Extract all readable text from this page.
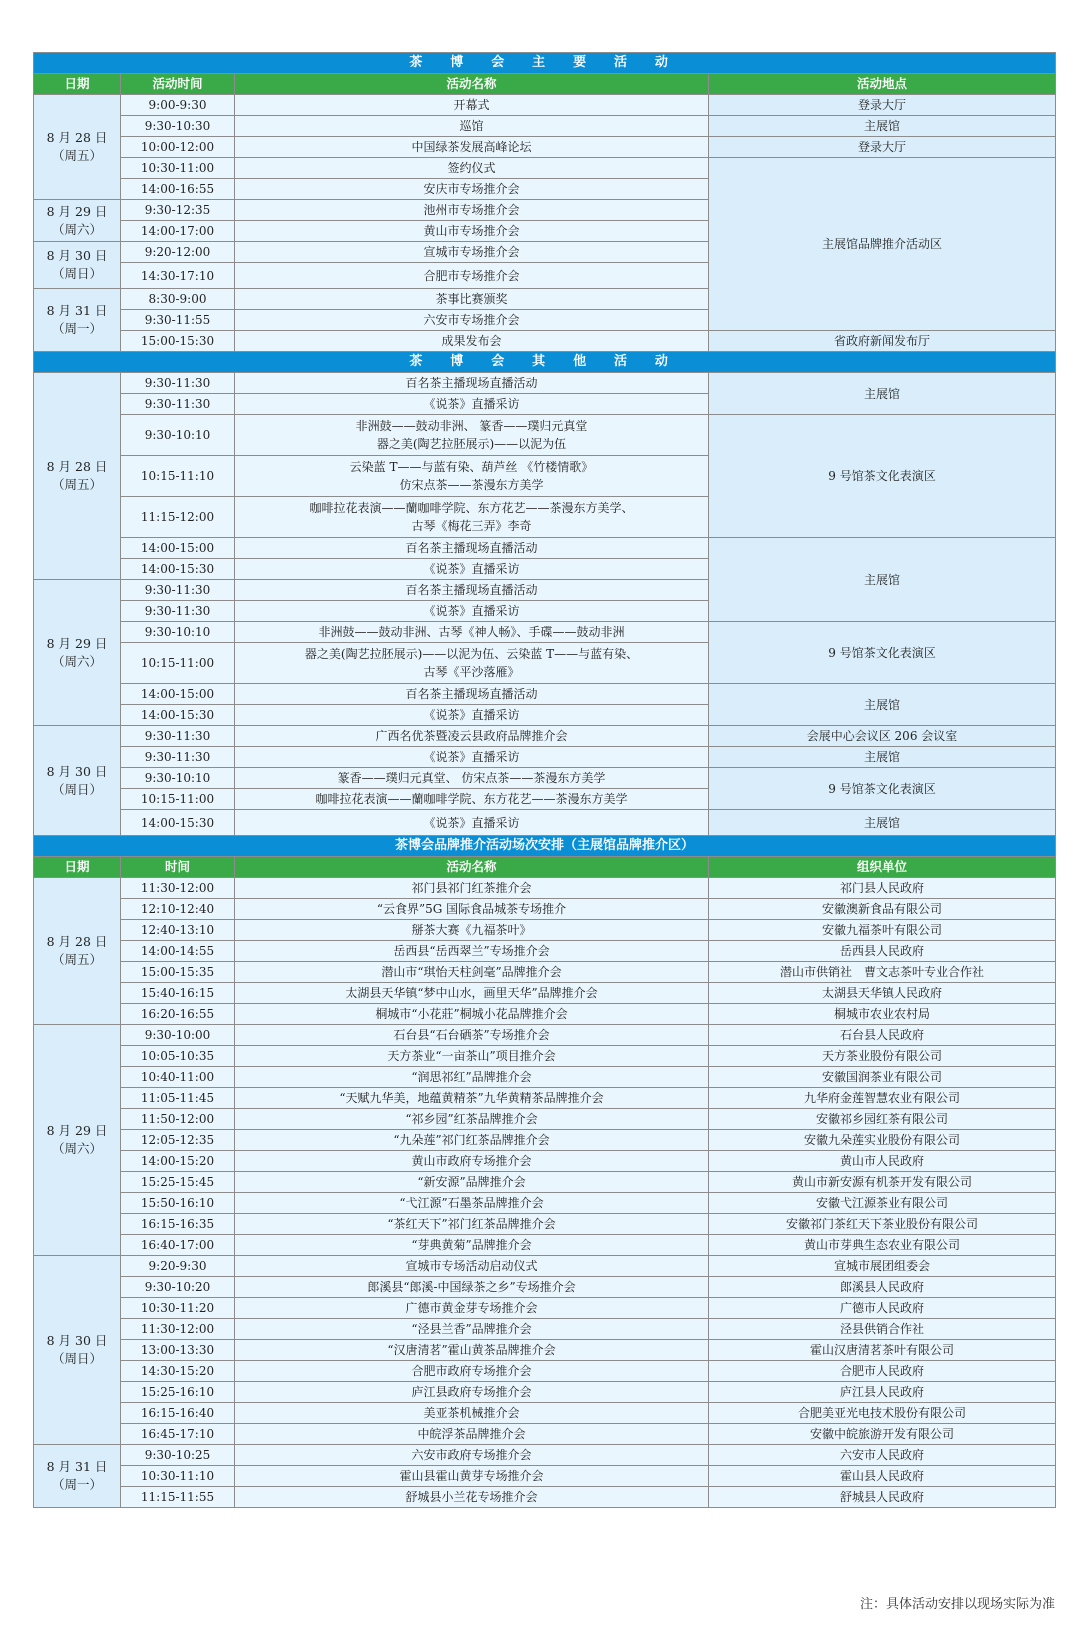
茶 博 会 主 要 活 动			
日期	活动时间	活动名称	活动地点
8 月 28 日
（周五）	9:00-9:30	开幕式	登录大厅
	9:30-10:30	巡馆	主展馆
	10:00-12:00	中国绿茶发展高峰论坛	登录大厅
	10:30-11:00	签约仪式	主展馆品牌推介活动区
	14:00-16:55	安庆市专场推介会	
8 月 29 日
（周六）	9:30-12:35	池州市专场推介会	
	14:00-17:00	黄山市专场推介会	
8 月 30 日
（周日）	9:20-12:00	宣城市专场推介会	
	14:30-17:10	合肥市专场推介会	
8 月 31 日
（周一）	8:30-9:00	茶事比赛颁奖	
	9:30-11:55	六安市专场推介会	
	15:00-15:30	成果发布会	省政府新闻发布厅
茶 博 会 其 他 活 动			
8 月 28 日
（周五）	9:30-11:30	百名茶主播现场直播活动	主展馆
	9:30-11:30	《说茶》直播采访	
	9:30-10:10	非洲鼓——鼓动非洲、 篆香——璞归元真堂
器之美(陶艺拉胚展示)——以泥为伍	9 号馆茶文化表演区
	10:15-11:10	云染蓝 T——与蓝有染、葫芦丝 《竹楼情歌》
仿宋点茶——茶漫东方美学	
	11:15-12:00	咖啡拉花表演——蘭咖啡学院、东方花艺——茶漫东方美学、
古琴《梅花三弄》李奇	
	14:00-15:00	百名茶主播现场直播活动	主展馆
	14:00-15:30	《说茶》直播采访	
8 月 29 日
（周六）	9:30-11:30	百名茶主播现场直播活动	
	9:30-11:30	《说茶》直播采访	
	9:30-10:10	非洲鼓——鼓动非洲、古琴《神人畅》、手碟——鼓动非洲	9 号馆茶文化表演区
	10:15-11:00	器之美(陶艺拉胚展示)——以泥为伍、云染蓝 T——与蓝有染、
古琴《平沙落雁》	
	14:00-15:00	百名茶主播现场直播活动	主展馆
	14:00-15:30	《说茶》直播采访	
8 月 30 日
（周日）	9:30-11:30	广西名优茶暨凌云县政府品牌推介会	会展中心会议区 206 会议室
	9:30-11:30	《说茶》直播采访	主展馆
	9:30-10:10	篆香——璞归元真堂、 仿宋点茶——茶漫东方美学	9 号馆茶文化表演区
	10:15-11:00	咖啡拉花表演——蘭咖啡学院、东方花艺——茶漫东方美学	
	14:00-15:30	《说茶》直播采访	主展馆
茶博会品牌推介活动场次安排（主展馆品牌推介区）			
日期	时间	活动名称	组织单位
8 月 28 日
（周五）	11:30-12:00	祁门县祁门红茶推介会	祁门县人民政府
	12:10-12:40	“云食界”5G 国际食品城茶专场推介	安徽澳新食品有限公司
	12:40-13:10	掰茶大赛《九福茶叶》	安徽九福茶叶有限公司
	14:00-14:55	岳西县“岳西翠兰”专场推介会	岳西县人民政府
	15:00-15:35	潜山市“琪怡天柱剑毫”品牌推介会	潜山市供销社　曹文志茶叶专业合作社
	15:40-16:15	太湖县天华镇“梦中山水，画里天华”品牌推介会	太湖县天华镇人民政府
	16:20-16:55	桐城市“小花莊”桐城小花品牌推介会	桐城市农业农村局
8 月 29 日
（周六）	9:30-10:00	石台县“石台硒茶”专场推介会	石台县人民政府
	10:05-10:35	天方茶业“一亩茶山”项目推介会	天方茶业股份有限公司
	10:40-11:00	“润思祁红”品牌推介会	安徽国润茶业有限公司
	11:05-11:45	“天赋九华美，地蕴黄精茶”九华黄精茶品牌推介会	九华府金莲智慧农业有限公司
	11:50-12:00	“祁乡园”红茶品牌推介会	安徽祁乡园红茶有限公司
	12:05-12:35	“九朵莲”祁门红茶品牌推介会	安徽九朵莲实业股份有限公司
	14:00-15:20	黄山市政府专场推介会	黄山市人民政府
	15:25-15:45	“新安源”品牌推介会	黄山市新安源有机茶开发有限公司
	15:50-16:10	“弋江源”石墨茶品牌推介会	安徽弋江源茶业有限公司
	16:15-16:35	“茶红天下”祁门红茶品牌推介会	安徽祁门茶红天下茶业股份有限公司
	16:40-17:00	“芽典黄菊”品牌推介会	黄山市芽典生态农业有限公司
8 月 30 日
（周日）	9:20-9:30	宣城市专场活动启动仪式	宣城市展团组委会
	9:30-10:20	郎溪县“郎溪-中国绿茶之乡”专场推介会	郎溪县人民政府
	10:30-11:20	广德市黄金芽专场推介会	广德市人民政府
	11:30-12:00	“泾县兰香”品牌推介会	泾县供销合作社
	13:00-13:30	“汉唐清茗”霍山黄茶品牌推介会	霍山汉唐清茗茶叶有限公司
	14:30-15:20	合肥市政府专场推介会	合肥市人民政府
	15:25-16:10	庐江县政府专场推介会	庐江县人民政府
	16:15-16:40	美亚茶机械推介会	合肥美亚光电技术股份有限公司
	16:45-17:10	中皖浮茶品牌推介会	安徽中皖旅游开发有限公司
8 月 31 日
（周一）	9:30-10:25	六安市政府专场推介会	六安市人民政府
	10:30-11:10	霍山县霍山黄芽专场推介会	霍山县人民政府
	11:15-11:55	舒城县小兰花专场推介会	舒城县人民政府
注：具体活动安排以现场实际为准
